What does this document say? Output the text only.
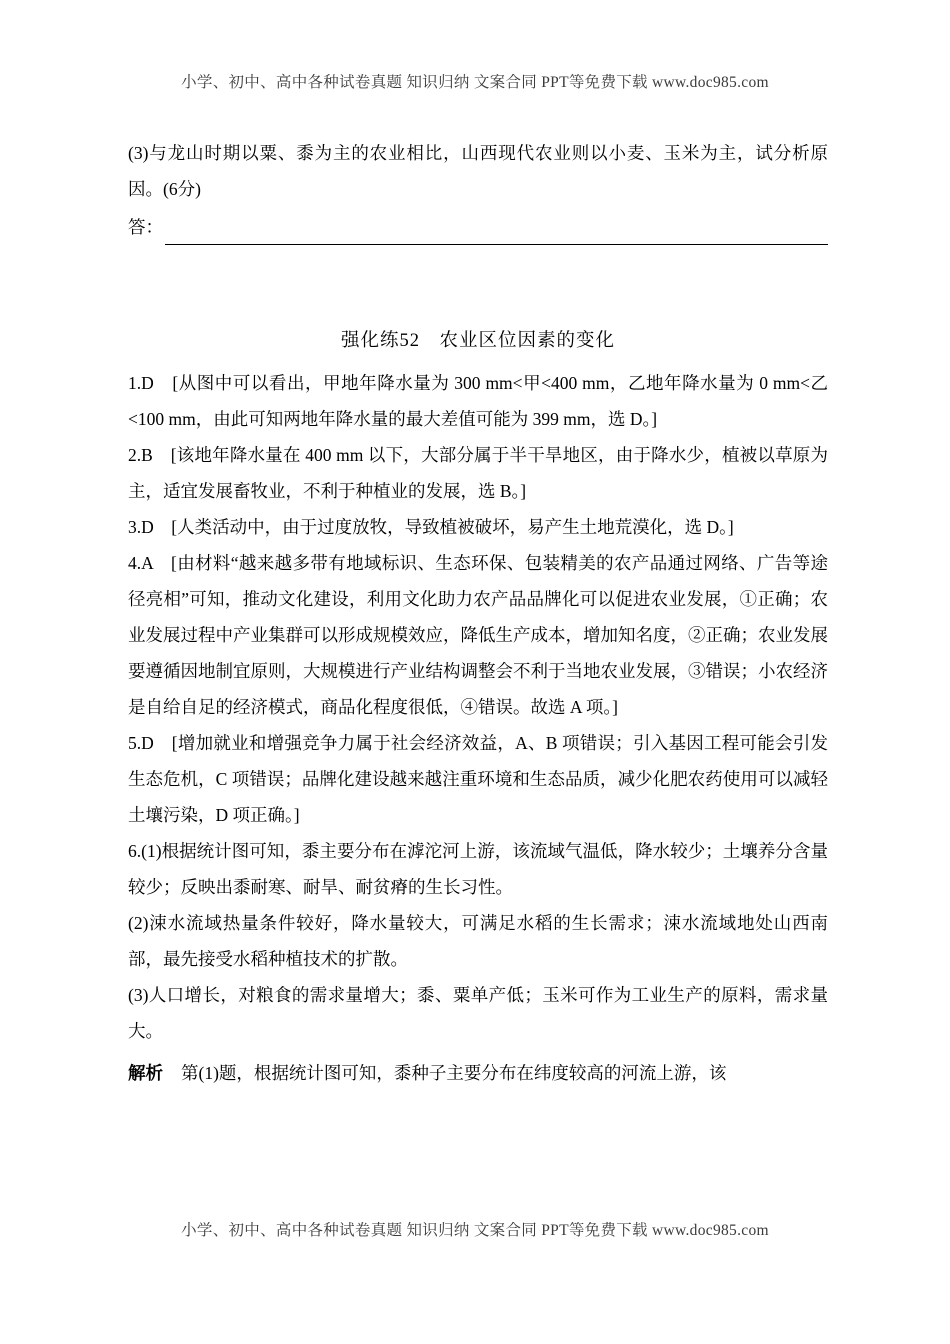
小学、初中、高中各种试卷真题 知识归纳 文案合同 PPT等免费下载 www.doc985.com

(3)与龙山时期以粟、黍为主的农业相比，山西现代农业则以小麦、玉米为主，试分析原因。(6分)

答：

强化练52　农业区位因素的变化

1.D　[从图中可以看出，甲地年降水量为 300 mm<甲<400 mm，乙地年降水量为 0 mm<乙<100 mm，由此可知两地年降水量的最大差值可能为 399 mm，选 D。]

2.B　[该地年降水量在 400 mm 以下，大部分属于半干旱地区，由于降水少，植被以草原为主，适宜发展畜牧业，不利于种植业的发展，选 B。]

3.D　[人类活动中，由于过度放牧，导致植被破坏，易产生土地荒漠化，选 D。]

4.A　[由材料“越来越多带有地域标识、生态环保、包装精美的农产品通过网络、广告等途径亮相”可知，推动文化建设，利用文化助力农产品品牌化可以促进农业发展，①正确；农业发展过程中产业集群可以形成规模效应，降低生产成本，增加知名度，②正确；农业发展要遵循因地制宜原则，大规模进行产业结构调整会不利于当地农业发展，③错误；小农经济是自给自足的经济模式，商品化程度很低，④错误。故选 A 项。]

5.D　[增加就业和增强竞争力属于社会经济效益，A、B 项错误；引入基因工程可能会引发生态危机，C 项错误；品牌化建设越来越注重环境和生态品质，减少化肥农药使用可以减轻土壤污染，D 项正确。]

6.(1)根据统计图可知，黍主要分布在滹沱河上游，该流域气温低，降水较少；土壤养分含量较少；反映出黍耐寒、耐旱、耐贫瘠的生长习性。

(2)涑水流域热量条件较好，降水量较大，可满足水稻的生长需求；涑水流域地处山西南部，最先接受水稻种植技术的扩散。

(3)人口增长，对粮食的需求量增大；黍、粟单产低；玉米可作为工业生产的原料，需求量大。

解析 第(1)题，根据统计图可知，黍种子主要分布在纬度较高的河流上游，该

小学、初中、高中各种试卷真题 知识归纳 文案合同 PPT等免费下载 www.doc985.com
